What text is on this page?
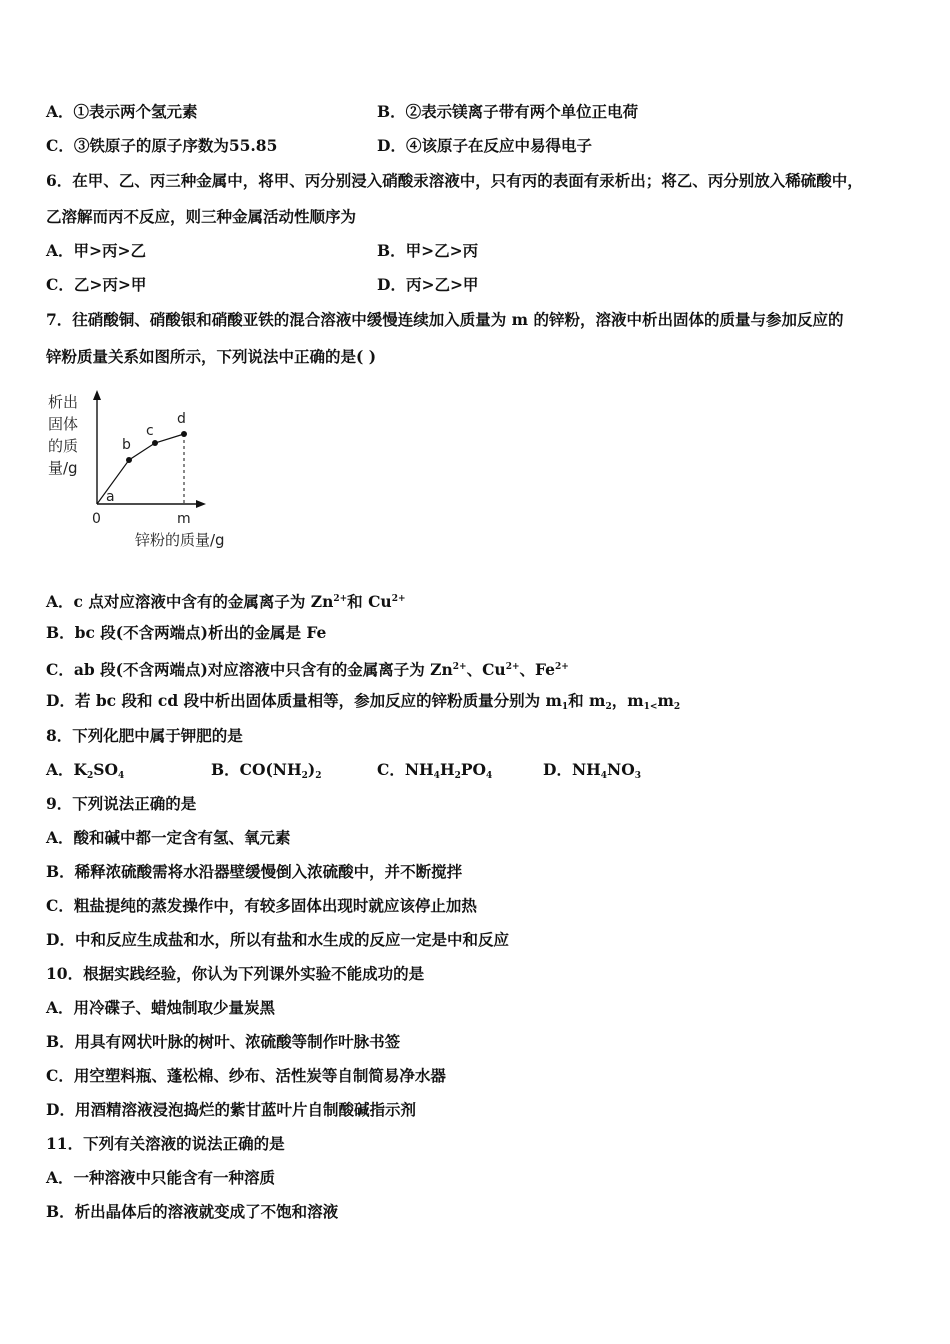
A．①表示两个氢元素	B．②表示镁离子带有两个单位正电荷
C．③铁原子的原子序数为55.85	D．④该原子在反应中易得电子
6．在甲、乙、丙三种金属中，将甲、丙分别浸入硝酸汞溶液中，只有丙的表面有汞析出；将乙、丙分别放入稀硫酸中，
乙溶解而丙不反应，则三种金属活动性顺序为
A．甲>丙>乙	B．甲>乙>丙
C．乙>丙>甲	D．丙>乙>甲
7．往硝酸铜、硝酸银和硝酸亚铁的混合溶液中缓慢连续加入质量为 m 的锌粉，溶液中析出固体的质量与参加反应的
锌粉质量关系如图所示，下列说法中正确的是( )
析出
固体
的质
量/g
a
b
c
d
0	m
锌粉的质量/g
A．c 点对应溶液中含有的金属离子为 $Zn^{2+}$和 $Cu^{2+}$
B．bc 段(不含两端点)析出的金属是 Fe
C．ab 段(不含两端点)对应溶液中只含有的金属离子为 $Zn^{2+}$、$Cu^{2+}$、$Fe^{2+}$
D．若 bc 段和 cd 段中析出固体质量相等，参加反应的锌粉质量分别为 $m_1$和 $m_2$，$m_{1<}m_2$
8．下列化肥中属于钾肥的是
A．$K_2SO_4$	B．$CO(NH_2)_2$	C．$NH_4H_2PO_4$	D．$NH_4NO_3$
9．下列说法正确的是
A．酸和碱中都一定含有氢、氧元素
B．稀释浓硫酸需将水沿器壁缓慢倒入浓硫酸中，并不断搅拌
C．粗盐提纯的蒸发操作中，有较多固体出现时就应该停止加热
D．中和反应生成盐和水，所以有盐和水生成的反应一定是中和反应
10．根据实践经验，你认为下列课外实验不能成功的是
A．用冷碟子、蜡烛制取少量炭黑
B．用具有网状叶脉的树叶、浓硫酸等制作叶脉书签
C．用空塑料瓶、蓬松棉、纱布、活性炭等自制简易净水器
D．用酒精溶液浸泡捣烂的紫甘蓝叶片自制酸碱指示剂
11．下列有关溶液的说法正确的是
A．一种溶液中只能含有一种溶质
B．析出晶体后的溶液就变成了不饱和溶液
